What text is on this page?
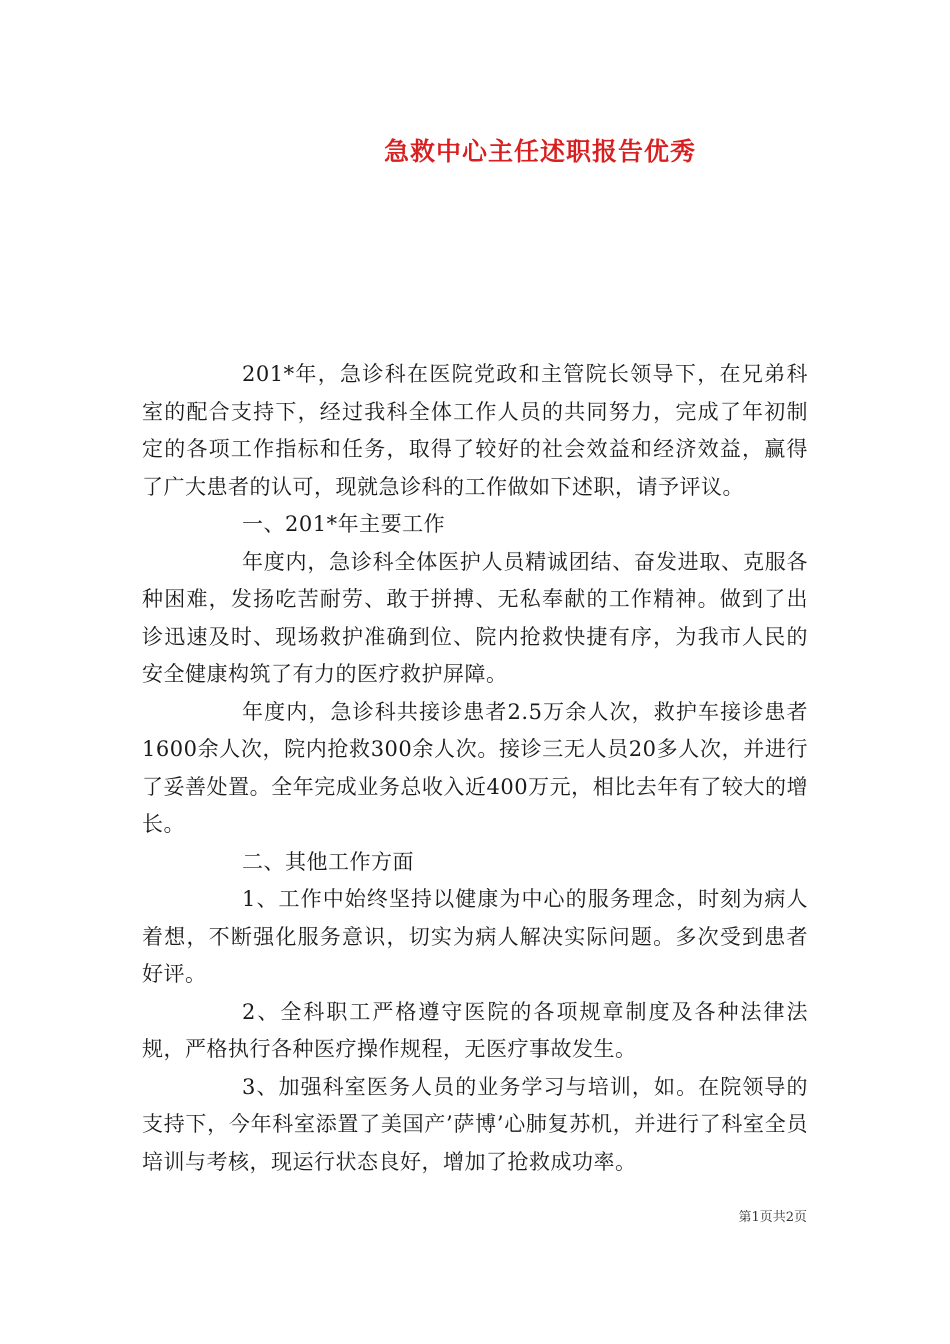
急救中心主任述职报告优秀

201*年，急诊科在医院党政和主管院长领导下，在兄弟科室的配合支持下，经过我科全体工作人员的共同努力，完成了年初制定的各项工作指标和任务，取得了较好的社会效益和经济效益，赢得了广大患者的认可，现就急诊科的工作做如下述职，请予评议。

一、201*年主要工作

年度内，急诊科全体医护人员精诚团结、奋发进取、克服各种困难，发扬吃苦耐劳、敢于拼搏、无私奉献的工作精神。做到了出诊迅速及时、现场救护准确到位、院内抢救快捷有序，为我市人民的安全健康构筑了有力的医疗救护屏障。

年度内，急诊科共接诊患者2.5万余人次，救护车接诊患者1600余人次，院内抢救300余人次。接诊三无人员20多人次，并进行了妥善处置。全年完成业务总收入近400万元，相比去年有了较大的增长。

二、其他工作方面

1、工作中始终坚持以健康为中心的服务理念，时刻为病人着想，不断强化服务意识，切实为病人解决实际问题。多次受到患者好评。

2、全科职工严格遵守医院的各项规章制度及各种法律法规，严格执行各种医疗操作规程，无医疗事故发生。

3、加强科室医务人员的业务学习与培训，如。在院领导的支持下，今年科室添置了美国产’萨博’心肺复苏机，并进行了科室全员培训与考核，现运行状态良好，增加了抢救成功率。

第1页共2页
